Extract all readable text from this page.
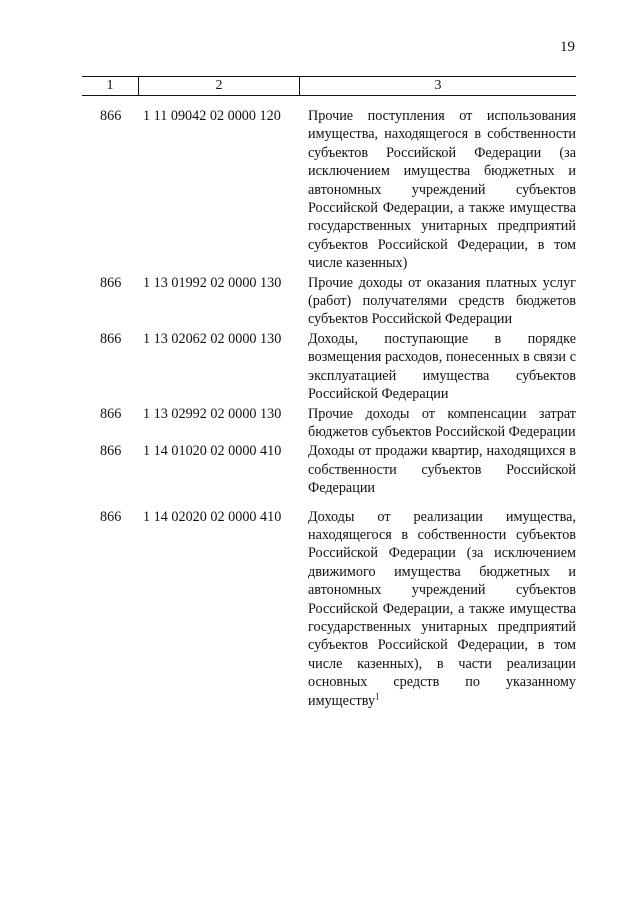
19
1	2	3
866	1 11 09042 02 0000 120	Прочие поступления от использования имущества, находящегося в собственности субъектов Российской Федерации (за исключением имущества бюджетных и автономных учреждений субъектов Российской Федерации, а также имущества государственных унитарных предприятий субъектов Российской Федерации, в том числе казенных)
866	1 13 01992 02 0000 130	Прочие доходы от оказания платных услуг (работ) получателями средств бюджетов субъектов Российской Федерации
866	1 13 02062 02 0000 130	Доходы, поступающие в порядке возмещения расходов, понесенных в связи с эксплуатацией имущества субъектов Российской Федерации
866	1 13 02992 02 0000 130	Прочие доходы от компенсации затрат бюджетов субъектов Российской Федерации
866	1 14 01020 02 0000 410	Доходы от продажи квартир, находящихся в собственности субъектов Российской Федерации
866	1 14 02020 02 0000 410	Доходы от реализации имущества, находящегося в собственности субъектов Российской Федерации (за исключением движимого имущества бюджетных и автономных учреждений субъектов Российской Федерации, а также имущества государственных унитарных предприятий субъектов Российской Федерации, в том числе казенных), в части реализации основных средств по указанному имуществу$^1$
